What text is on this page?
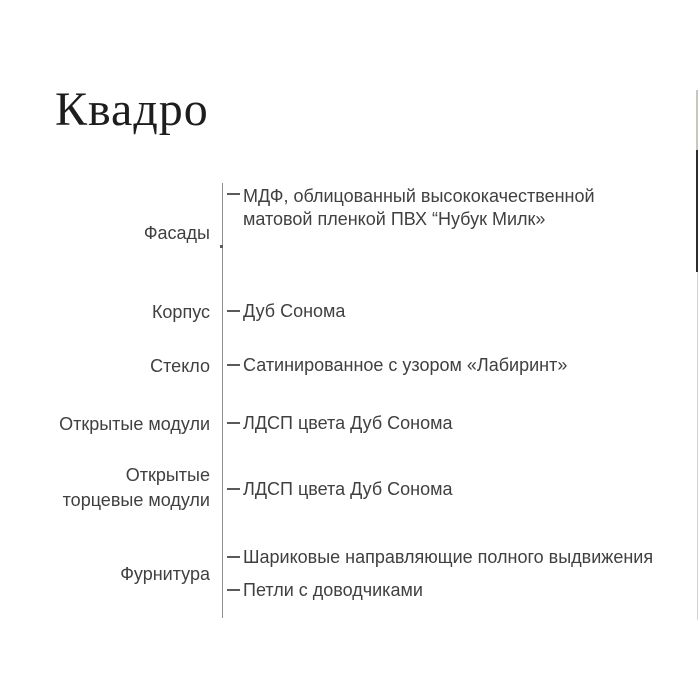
Квадро
Фасады
МДФ, облицованный высококачественной матовой пленкой ПВХ “Нубук Милк»
Корпус Дуб Сонома
Стекло Сатинированное с узором «Лабиринт»
Открытые модули ЛДСП цвета Дуб Сонома
Открытые торцевые модули
ЛДСП цвета Дуб Сонома
Фурнитура
Шариковые направляющие полного выдвижения
Петли с доводчиками
